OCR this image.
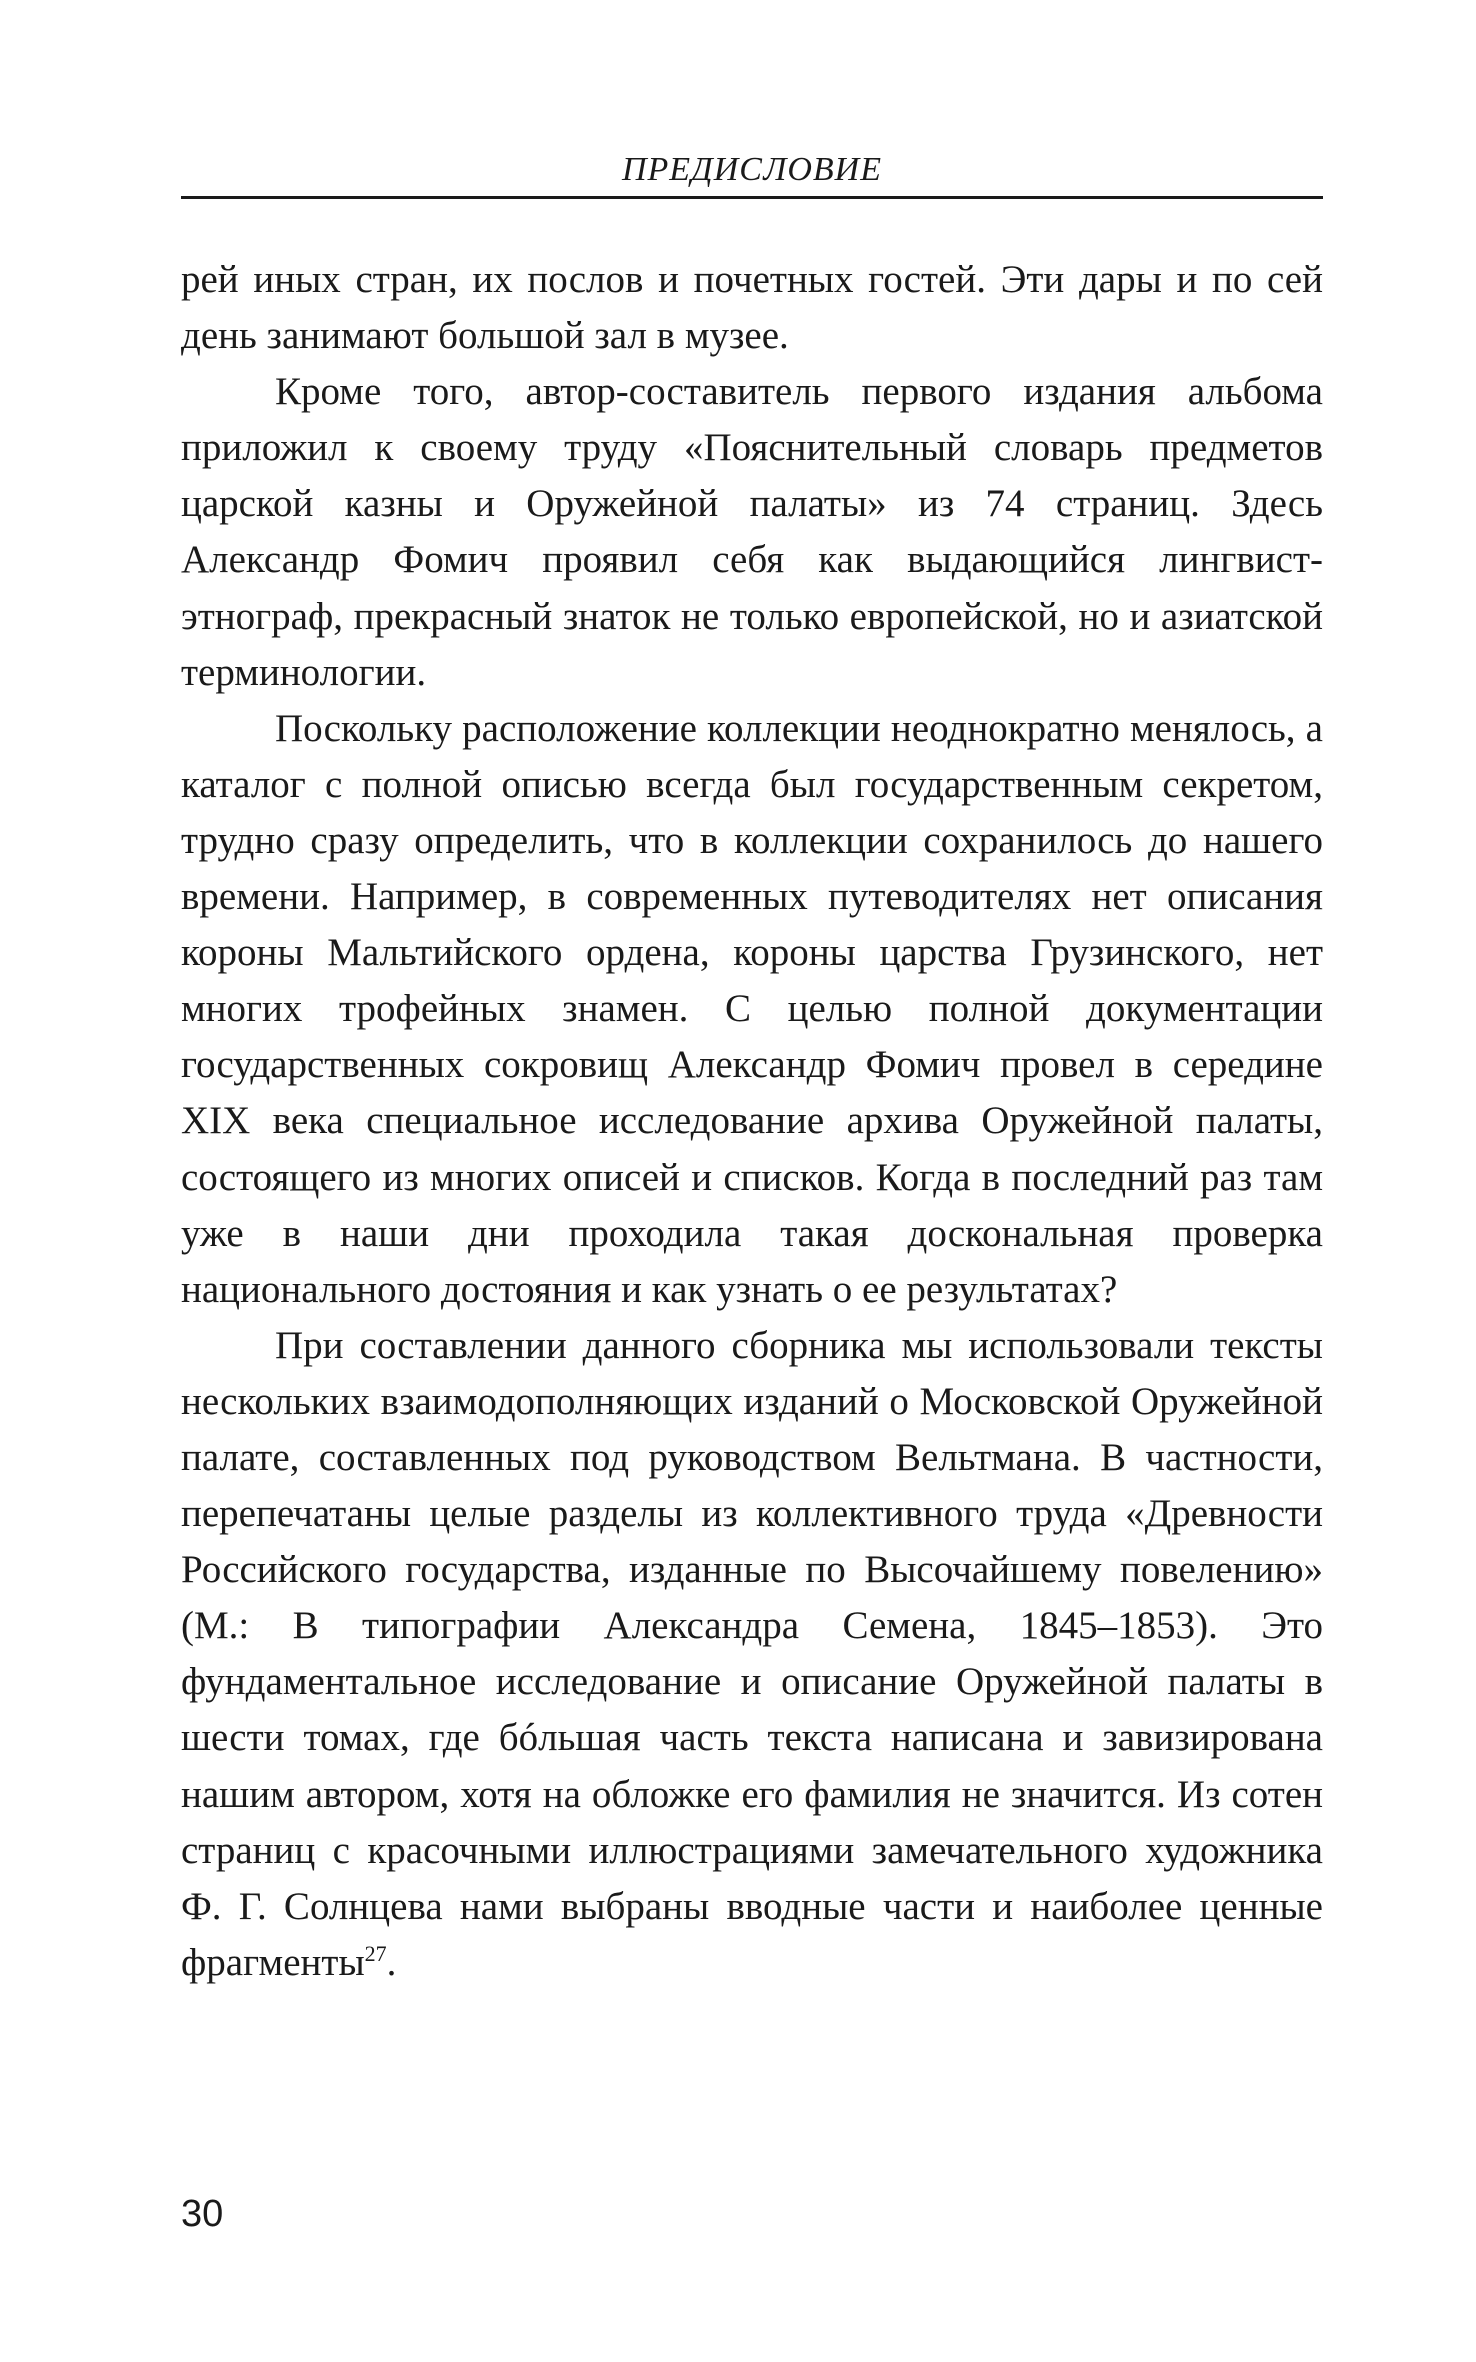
ПРЕДИСЛОВИЕ

рей иных стран, их послов и почетных гостей. Эти дары и по сей день занимают большой зал в музее.

Кроме того, автор-составитель первого издания альбома приложил к своему труду «Пояснительный словарь предметов царской казны и Оружейной палаты» из 74 страниц. Здесь Александр Фомич проявил себя как выдающийся лингвист-этнограф, прекрасный знаток не только европейской, но и азиатской терминологии.

Поскольку расположение коллекции неоднократно менялось, а каталог с полной описью всегда был государственным секретом, трудно сразу определить, что в коллекции сохранилось до нашего времени. Например, в современных путеводителях нет описания короны Мальтийского ордена, короны царства Грузинского, нет многих трофейных знамен. С целью полной документации государственных сокровищ Александр Фомич провел в середине XIX века специальное исследование архива Оружейной палаты, состоящего из многих описей и списков. Когда в последний раз там уже в наши дни проходила такая доскональная проверка национального достояния и как узнать о ее результатах?

При составлении данного сборника мы использовали тексты нескольких взаимодополняющих изданий о Московской Оружейной палате, составленных под руководством Вельтмана. В частности, перепечатаны целые разделы из коллективного труда «Древности Российского государства, изданные по Высочайшему повелению» (М.: В типографии Александра Семена, 1845–1853). Это фундаментальное исследование и описание Оружейной палаты в шести томах, где бóльшая часть текста написана и завизирована нашим автором, хотя на обложке его фамилия не значится. Из сотен страниц с красочными иллюстрациями замечательного художника Ф. Г. Солнцева нами выбраны вводные части и наиболее ценные фрагменты$^{27}$.

30
